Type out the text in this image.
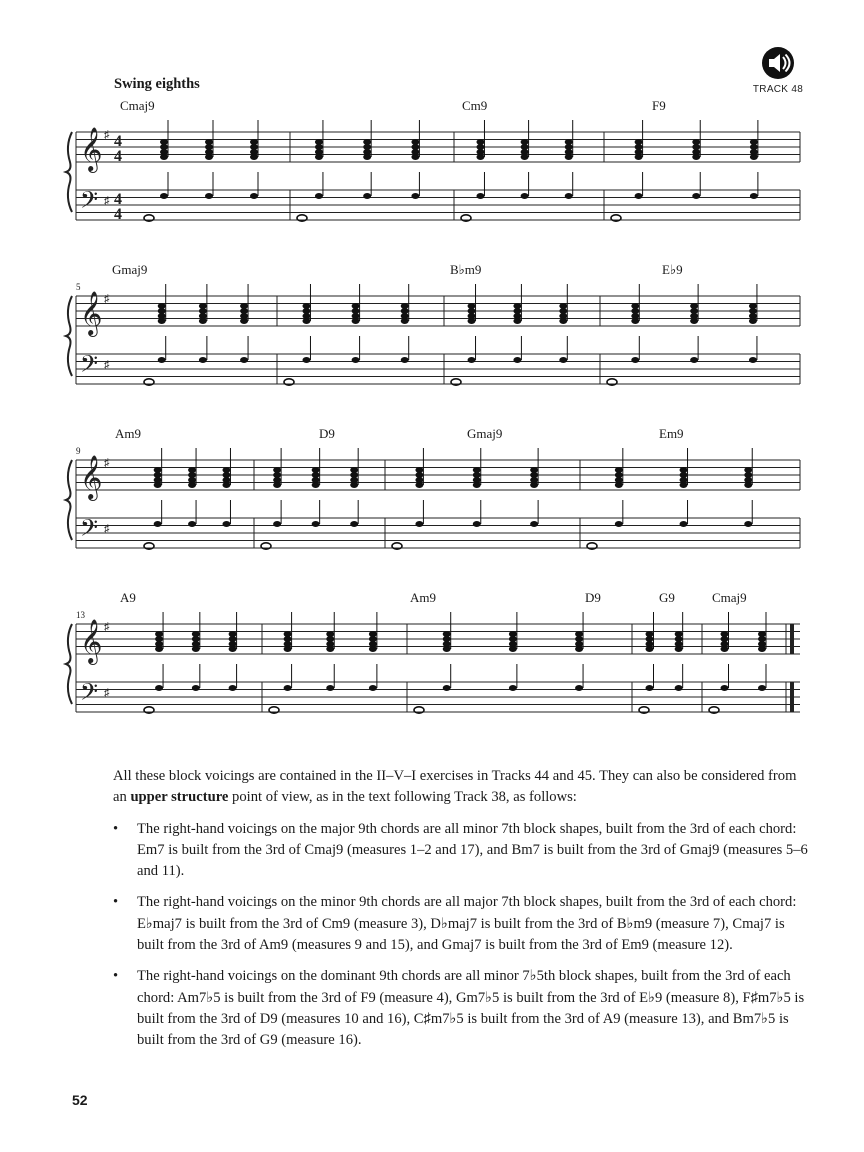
TRACK 48
Swing eighths
Cmaj9	Cm9	F9
𝄞
𝄢
♯
♯
4
4
4
4
5
Gmaj9	B♭m9	E♭9
𝄞
𝄢
♯
♯
9
Am9	D9	Gmaj9	Em9
𝄞
𝄢
♯
♯
13
A9	Am9	D9	G9	Cmaj9
𝄞
𝄢
♯
♯

All these block voicings are contained in the II–V–I exercises in Tracks 44 and 45. They can also be considered from an upper structure point of view, as in the text following Track 38, as follows:

• The right-hand voicings on the major 9th chords are all minor 7th block shapes, built from the 3rd of each chord: Em7 is built from the 3rd of Cmaj9 (measures 1–2 and 17), and Bm7 is built from the 3rd of Gmaj9 (measures 5–6 and 11).
• The right-hand voicings on the minor 9th chords are all major 7th block shapes, built from the 3rd of each chord: E♭maj7 is built from the 3rd of Cm9 (measure 3), D♭maj7 is built from the 3rd of B♭m9 (measure 7), Cmaj7 is built from the 3rd of Am9 (measures 9 and 15), and Gmaj7 is built from the 3rd of Em9 (measure 12).
• The right-hand voicings on the dominant 9th chords are all minor 7♭5th block shapes, built from the 3rd of each chord: Am7♭5 is built from the 3rd of F9 (measure 4), Gm7♭5 is built from the 3rd of E♭9 (measure 8), F♯m7♭5 is built from the 3rd of D9 (measures 10 and 16), C♯m7♭5 is built from the 3rd of A9 (measure 13), and Bm7♭5 is built from the 3rd of G9 (measure 16).
52
